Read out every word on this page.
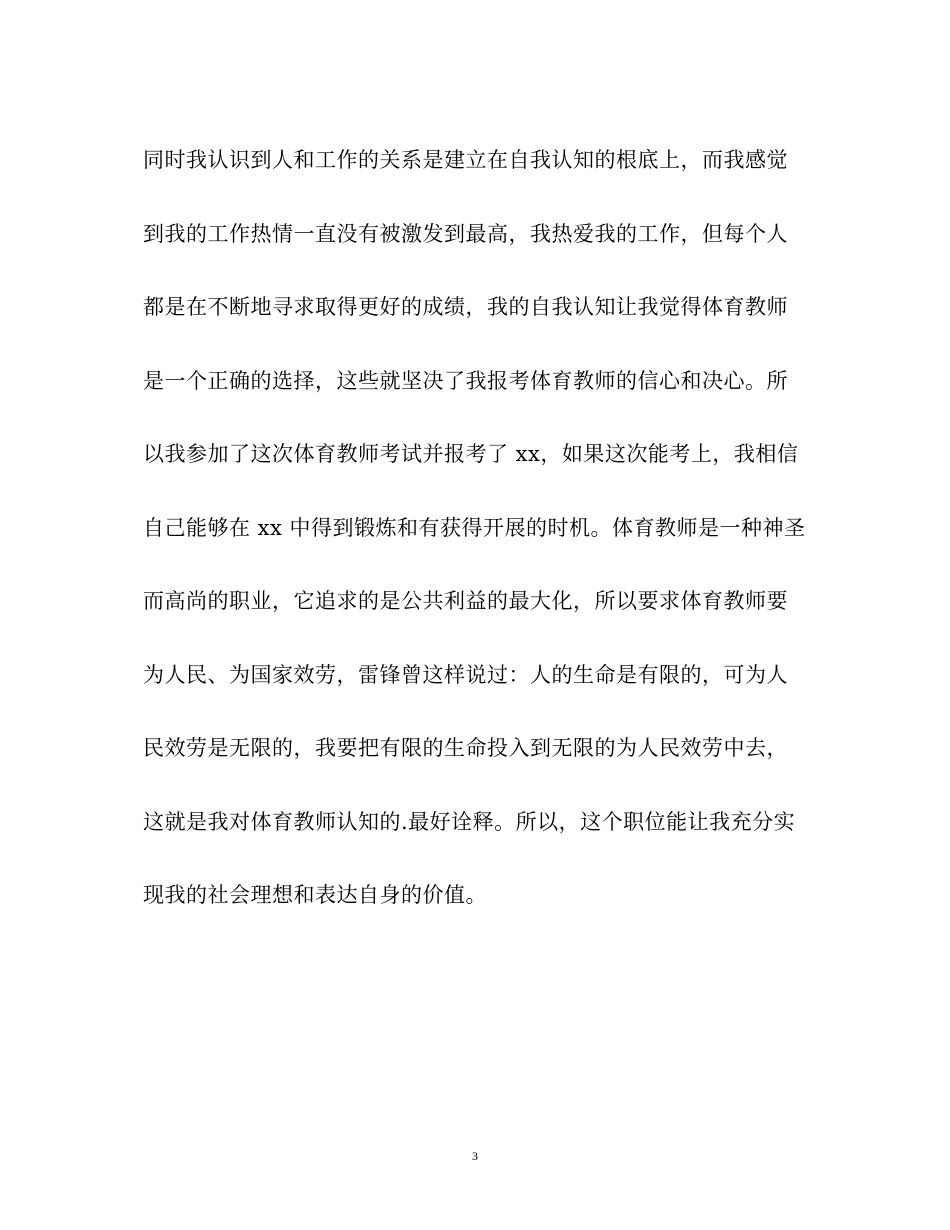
同时我认识到人和工作的关系是建立在自我认知的根底上，而我感觉
到我的工作热情一直没有被激发到最高，我热爱我的工作，但每个人
都是在不断地寻求取得更好的成绩，我的自我认知让我觉得体育教师
是一个正确的选择，这些就坚决了我报考体育教师的信心和决心。所
以我参加了这次体育教师考试并报考了 xx，如果这次能考上，我相信
自己能够在 xx 中得到锻炼和有获得开展的时机。体育教师是一种神圣
而高尚的职业，它追求的是公共利益的最大化，所以要求体育教师要
为人民、为国家效劳，雷锋曾这样说过：人的生命是有限的，可为人
民效劳是无限的，我要把有限的生命投入到无限的为人民效劳中去，
这就是我对体育教师认知的.最好诠释。所以，这个职位能让我充分实
现我的社会理想和表达自身的价值。
3
